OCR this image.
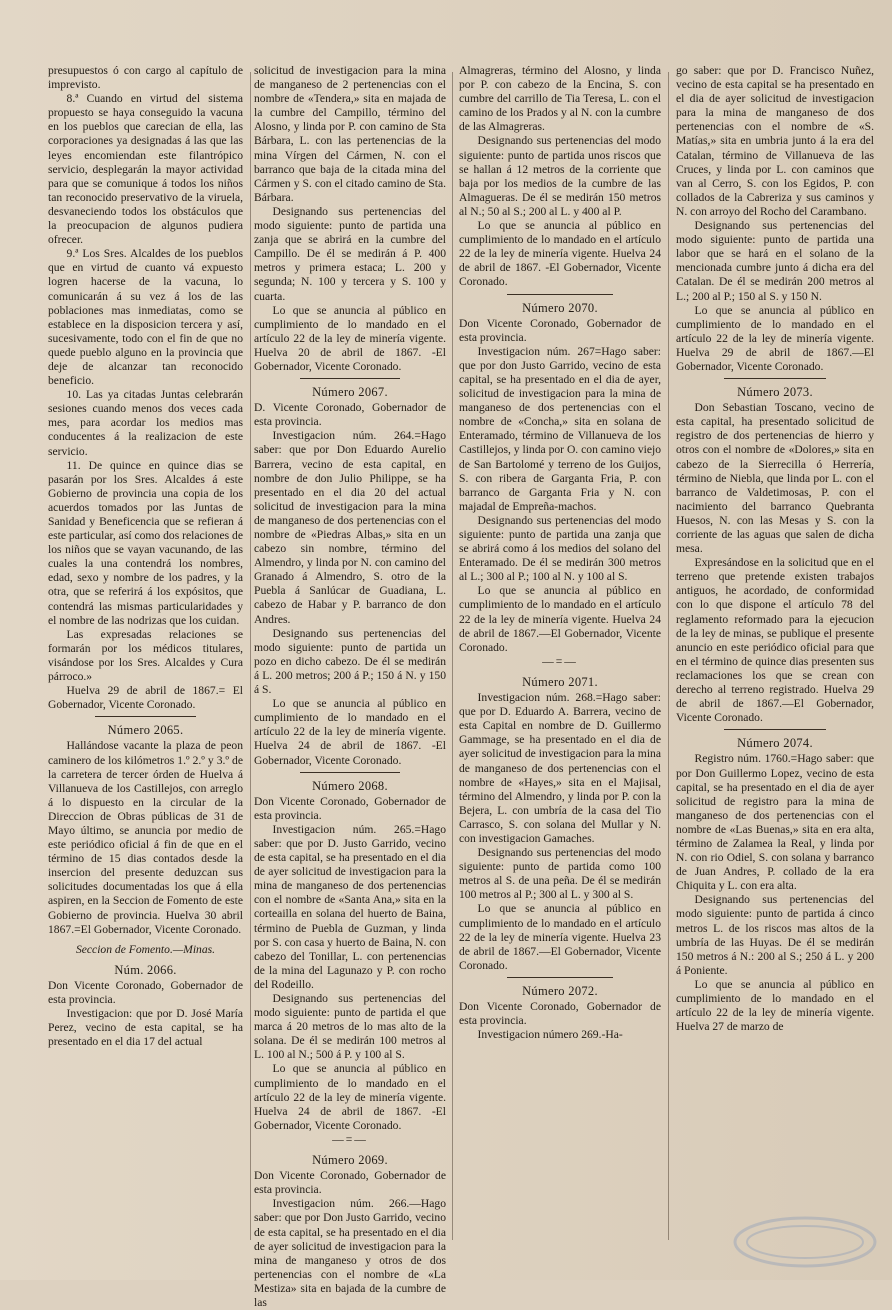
presupuestos ó con cargo al capítulo de imprevisto.

8.ª Cuando en virtud del sistema propuesto se haya conseguido la vacuna en los pueblos que carecian de ella, las corporaciones ya designadas á las que las leyes encomiendan este filantrópico servicio, desplegarán la mayor actividad para que se comunique á todos los niños tan reconocido preservativo de la viruela, desvaneciendo todos los obstáculos que la preocupacion de algunos pudiera ofrecer.

9.ª Los Sres. Alcaldes de los pueblos que en virtud de cuanto vá expuesto logren hacerse de la vacuna, lo comunicarán á su vez á los de las poblaciones mas inmediatas, como se establece en la disposicion tercera y así, sucesivamente, todo con el fin de que no quede pueblo alguno en la provincia que deje de alcanzar tan reconocido beneficio.

10. Las ya citadas Juntas celebrarán sesiones cuando menos dos veces cada mes, para acordar los medios mas conducentes á la realizacion de este servicio.

11. De quince en quince dias se pasarán por los Sres. Alcaldes á este Gobierno de provincia una copia de los acuerdos tomados por las Juntas de Sanidad y Beneficencia que se refieran á este particular, así como dos relaciones de los niños que se vayan vacunando, de las cuales la una contendrá los nombres, edad, sexo y nombre de los padres, y la otra, que se referirá á los expósitos, que contendrá las mismas particularidades y el nombre de las nodrizas que los cuidan.

Las expresadas relaciones se formarán por los médicos titulares, visándose por los Sres. Alcaldes y Cura párroco.»

Huelva 29 de abril de 1867.= El Gobernador, Vicente Coronado.

Número 2065.

Hallándose vacante la plaza de peon caminero de los kilómetros 1.º 2.º y 3.º de la carretera de tercer órden de Huelva á Villanueva de los Castillejos, con arreglo á lo dispuesto en la circular de la Direccion de Obras públicas de 31 de Mayo último, se anuncia por medio de este periódico oficial á fin de que en el término de 15 dias contados desde la insercion del presente deduzcan sus solicitudes documentadas los que á ella aspiren, en la Seccion de Fomento de este Gobierno de provincia. Huelva 30 abril 1867.=El Gobernador, Vicente Coronado.

Seccion de Fomento.—Minas.
Núm. 2066.

Don Vicente Coronado, Gobernador de esta provincia.

Investigacion: que por D. José María Perez, vecino de esta capital, se ha presentado en el dia 17 del actual

solicitud de investigacion para la mina de manganeso de 2 pertenencias con el nombre de «Tendera,» sita en majada de la cumbre del Campillo, término del Alosno, y linda por P. con camino de Sta Bárbara, L. con las pertenencias de la mina Vírgen del Cármen, N. con el barranco que baja de la citada mina del Cármen y S. con el citado camino de Sta. Bárbara.

Designando sus pertenencias del modo siguiente: punto de partida una zanja que se abrirá en la cumbre del Campillo. De él se medirán á P. 400 metros y primera estaca; L. 200 y segunda; N. 100 y tercera y S. 100 y cuarta.

Lo que se anuncia al público en cumplimiento de lo mandado en el artículo 22 de la ley de minería vigente. Huelva 20 de abril de 1867. -El Gobernador, Vicente Coronado.

Número 2067.

D. Vicente Coronado, Gobernador de esta provincia.

Investigacion núm. 264.=Hago saber: que por Don Eduardo Aurelio Barrera, vecino de esta capital, en nombre de don Julio Philippe, se ha presentado en el dia 20 del actual solicitud de investigacion para la mina de manganeso de dos pertenencias con el nombre de «Piedras Albas,» sita en un cabezo sin nombre, término del Almendro, y linda por N. con camino del Granado á Almendro, S. otro de la Puebla á Sanlúcar de Guadiana, L. cabezo de Habar y P. barranco de don Andres.

Designando sus pertenencias del modo siguiente: punto de partida un pozo en dicho cabezo. De él se medirán á L. 200 metros; 200 á P.; 150 á N. y 150 á S.

Lo que se anuncia al público en cumplimiento de lo mandado en el artículo 22 de la ley de minería vigente. Huelva 24 de abril de 1867. -El Gobernador, Vicente Coronado.

Número 2068.

Don Vicente Coronado, Gobernador de esta provincia.

Investigacion núm. 265.=Hago saber: que por D. Justo Garrido, vecino de esta capital, se ha presentado en el dia de ayer solicitud de investigacion para la mina de manganeso de dos pertenencias con el nombre de «Santa Ana,» sita en la corteailla en solana del huerto de Baina, término de Puebla de Guzman, y linda por S. con casa y huerto de Baina, N. con cabezo del Tonillar, L. con pertenencias de la mina del Lagunazo y P. con rocho del Rodeillo.

Designando sus pertenencias del modo siguiente: punto de partida el que marca á 20 metros de lo mas alto de la solana. De él se medirán 100 metros al L. 100 al N.; 500 á P. y 100 al S.

Lo que se anuncia al público en cumplimiento de lo mandado en el artículo 22 de la ley de minería vigente. Huelva 24 de abril de 1867. -El Gobernador, Vicente Coronado.

—=—
Número 2069.

Don Vicente Coronado, Gobernador de esta provincia.

Investigacion núm. 266.—Hago saber: que por Don Justo Garrido, vecino de esta capital, se ha presentado en el dia de ayer solicitud de investigacion para la mina de manganeso y otros de dos pertenencias con el nombre de «La Mestiza» sita en bajada de la cumbre de las

Almagreras, término del Alosno, y linda por P. con cabezo de la Encina, S. con cumbre del carrillo de Tia Teresa, L. con el camino de los Prados y al N. con la cumbre de las Almagreras.

Designando sus pertenencias del modo siguiente: punto de partida unos riscos que se hallan á 12 metros de la corriente que baja por los medios de la cumbre de las Almagueras. De él se medirán 150 metros al N.; 50 al S.; 200 al L. y 400 al P.

Lo que se anuncia al público en cumplimiento de lo mandado en el artículo 22 de la ley de minería vigente. Huelva 24 de abril de 1867. -El Gobernador, Vicente Coronado.

Número 2070.

Don Vicente Coronado, Gobernador de esta provincia.

Investigacion núm. 267=Hago saber: que por don Justo Garrido, vecino de esta capital, se ha presentado en el dia de ayer, solicitud de investigacion para la mina de manganeso de dos pertenencias con el nombre de «Concha,» sita en solana de Enteramado, término de Villanueva de los Castillejos, y linda por O. con camino viejo de San Bartolomé y terreno de los Guijos, S. con ribera de Garganta Fria, P. con barranco de Garganta Fria y N. con majadal de Empreña-machos.

Designando sus pertenencias del modo siguiente: punto de partida una zanja que se abrirá como á los medios del solano del Enteramado. De él se medirán 300 metros al L.; 300 al P.; 100 al N. y 100 al S.

Lo que se anuncia al público en cumplimiento de lo mandado en el artículo 22 de la ley de minería vigente. Huelva 24 de abril de 1867.—El Gobernador, Vicente Coronado.

—=—
Número 2071.

Investigacion núm. 268.=Hago saber: que por D. Eduardo A. Barrera, vecino de esta Capital en nombre de D. Guillermo Gammage, se ha presentado en el dia de ayer solicitud de investigacion para la mina de manganeso de dos pertenencias con el nombre de «Hayes,» sita en el Majisal, término del Almendro, y linda por P. con la Bejera, L. con umbría de la casa del Tio Carrasco, S. con solana del Mullar y N. con investigacion Gamaches.

Designando sus pertenencias del modo siguiente: punto de partida como 100 metros al S. de una peña. De él se medirán 100 metros al P.; 300 al L. y 300 al S.

Lo que se anuncia al público en cumplimiento de lo mandado en el artículo 22 de la ley de minería vigente. Huelva 23 de abril de 1867.—El Gobernador, Vicente Coronado.

Número 2072.

Don Vicente Coronado, Gobernador de esta provincia.

Investigacion número 269.-Ha-

go saber: que por D. Francisco Nuñez, vecino de esta capital se ha presentado en el dia de ayer solicitud de investigacion para la mina de manganeso de dos pertenencias con el nombre de «S. Matías,» sita en umbria junto á la era del Catalan, término de Villanueva de las Cruces, y linda por L. con caminos que van al Cerro, S. con los Egidos, P. con collados de la Cabreriza y sus caminos y N. con arroyo del Rocho del Carambano.

Designando sus pertenencias del modo siguiente: punto de partida una labor que se hará en el solano de la mencionada cumbre junto á dicha era del Catalan. De él se medirán 200 metros al L.; 200 al P.; 150 al S. y 150 N.

Lo que se anuncia al público en cumplimiento de lo mandado en el artículo 22 de la ley de minería vigente. Huelva 29 de abril de 1867.—El Gobernador, Vicente Coronado.

Número 2073.

Don Sebastian Toscano, vecino de esta capital, ha presentado solicitud de registro de dos pertenencias de hierro y otros con el nombre de «Dolores,» sita en cabezo de la Sierrecilla ó Herrería, término de Niebla, que linda por L. con el barranco de Valdetimosas, P. con el nacimiento del barranco Quebranta Huesos, N. con las Mesas y S. con la corriente de las aguas que salen de dicha mesa.

Expresándose en la solicitud que en el terreno que pretende existen trabajos antiguos, he acordado, de conformidad con lo que dispone el artículo 78 del reglamento reformado para la ejecucion de la ley de minas, se publique el presente anuncio en este periódico oficial para que en el término de quince dias presenten sus reclamaciones los que se crean con derecho al terreno registrado. Huelva 29 de abril de 1867.—El Gobernador, Vicente Coronado.

Número 2074.

Registro núm. 1760.=Hago saber: que por Don Guillermo Lopez, vecino de esta capital, se ha presentado en el dia de ayer solicitud de registro para la mina de manganeso de dos pertenencias con el nombre de «Las Buenas,» sita en era alta, término de Zalamea la Real, y linda por N. con rio Odiel, S. con solana y barranco de Juan Andres, P. collado de la era Chiquita y L. con era alta.

Designando sus pertenencias del modo siguiente: punto de partida á cinco metros L. de los riscos mas altos de la umbría de las Huyas. De él se medirán 150 metros á N.: 200 al S.; 250 á L. y 200 á Poniente.

Lo que se anuncia al público en cumplimiento de lo mandado en el artículo 22 de la ley de minería vigente. Huelva 27 de marzo de
